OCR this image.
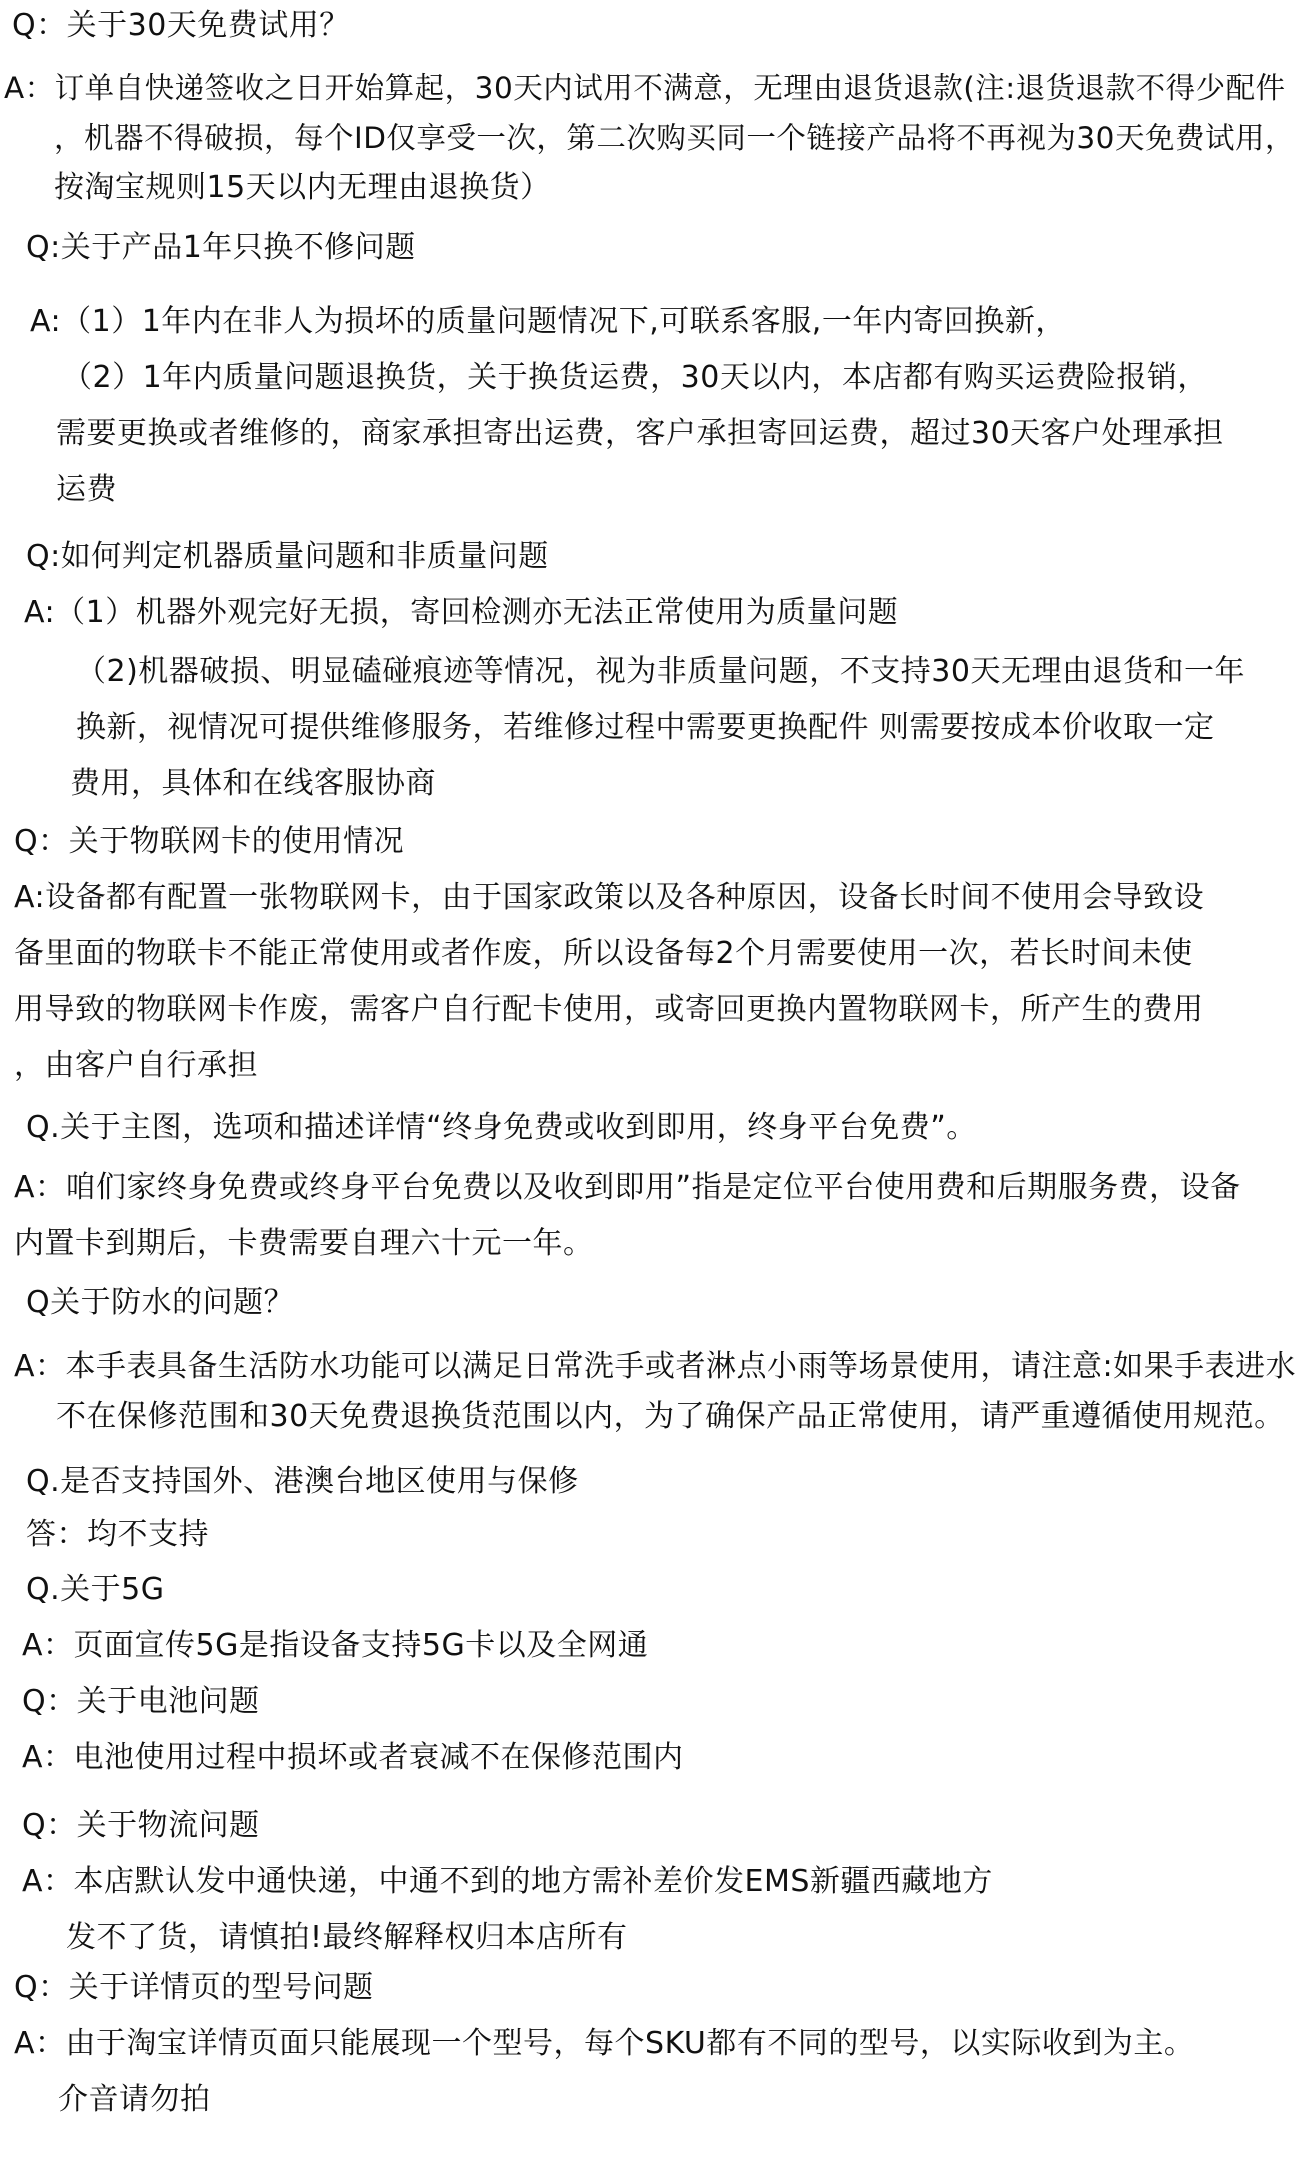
Q：关于30天免费试用？

A：订单自快递签收之日开始算起，30天内试用不满意，无理由退货退款(注:退货退款不得少配件

，机器不得破损，每个ID仅享受一次，第二次购买同一个链接产品将不再视为30天免费试用，

按淘宝规则15天以内无理由退换货）

Q:关于产品1年只换不修问题

A:（1）1年内在非人为损坏的质量问题情况下,可联系客服,一年内寄回换新，

（2）1年内质量问题退换货，关于换货运费，30天以内，本店都有购买运费险报销，

需要更换或者维修的，商家承担寄出运费，客户承担寄回运费，超过30天客户处理承担

运费

Q:如何判定机器质量问题和非质量问题

A:（1）机器外观完好无损，寄回检测亦无法正常使用为质量问题

（2)机器破损、明显磕碰痕迹等情况，视为非质量问题，不支持30天无理由退货和一年

换新，视情况可提供维修服务，若维修过程中需要更换配件 则需要按成本价收取一定

费用，具体和在线客服协商

Q：关于物联网卡的使用情况

A:设备都有配置一张物联网卡，由于国家政策以及各种原因，设备长时间不使用会导致设

备里面的物联卡不能正常使用或者作废，所以设备每2个月需要使用一次，若长时间未使

用导致的物联网卡作废，需客户自行配卡使用，或寄回更换内置物联网卡，所产生的费用

，由客户自行承担

Q.关于主图，选项和描述详情“终身免费或收到即用，终身平台免费”。

A：咱们家终身免费或终身平台免费以及收到即用”指是定位平台使用费和后期服务费，设备

内置卡到期后，卡费需要自理六十元一年。

Q关于防水的问题？

A：本手表具备生活防水功能可以满足日常洗手或者淋点小雨等场景使用，请注意:如果手表进水

不在保修范围和30天免费退换货范围以内，为了确保产品正常使用，请严重遵循使用规范。

Q.是否支持国外、港澳台地区使用与保修

答：均不支持

Q.关于5G

A：页面宣传5G是指设备支持5G卡以及全网通

Q：关于电池问题

A：电池使用过程中损坏或者衰减不在保修范围内

Q：关于物流问题

A：本店默认发中通快递，中通不到的地方需补差价发EMS新疆西藏地方

发不了货，请慎拍!最终解释权归本店所有

Q：关于详情页的型号问题

A：由于淘宝详情页面只能展现一个型号，每个SKU都有不同的型号，以实际收到为主。

介音请勿拍
